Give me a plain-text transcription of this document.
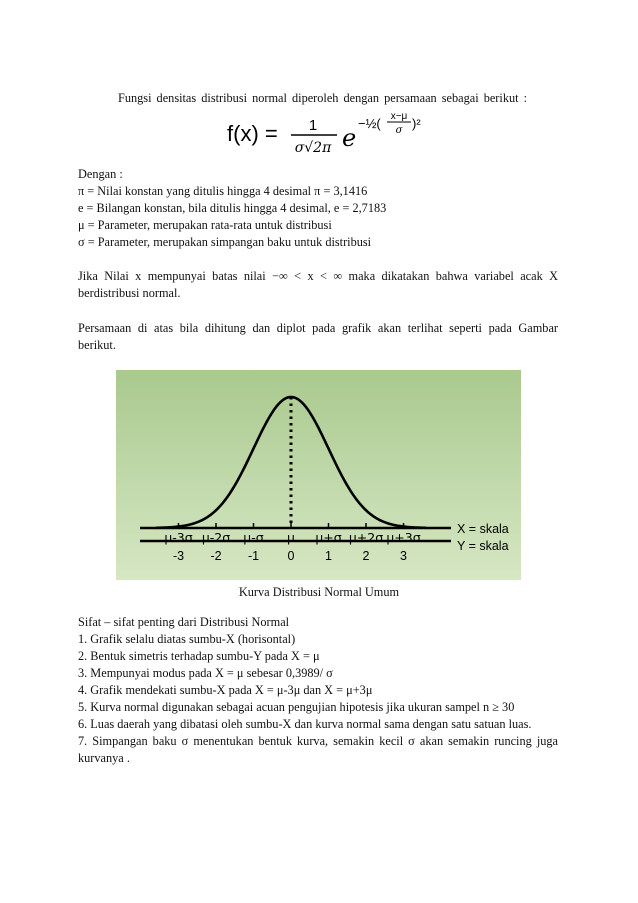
Fungsi densitas distribusi normal diperoleh dengan persamaan sebagai berikut :
f(x) = 1
σ√2π e
−½( x−μ
σ )²
Dengan :
π = Nilai konstan yang ditulis hingga 4 desimal π = 3,1416
e = Bilangan konstan, bila ditulis hingga 4 desimal, e = 2,7183
μ = Parameter, merupakan rata-rata untuk distribusi
σ = Parameter, merupakan simpangan baku untuk distribusi
Jika Nilai x mempunyai batas nilai −∞ < x < ∞ maka dikatakan bahwa variabel acak X
berdistribusi normal.
Persamaan di atas bila dihitung dan diplot pada grafik akan terlihat seperti pada Gambar
berikut.
μ-3σ μ-2σ μ-σ μ μ+σ μ+2σ μ+3σ
-3 -2 -1 0 1 2 3
X = skala
Y = skala
Kurva Distribusi Normal Umum
Sifat – sifat penting dari Distribusi Normal
1. Grafik selalu diatas sumbu-X (horisontal)
2. Bentuk simetris terhadap sumbu-Y pada X = μ
3. Mempunyai modus pada X = μ sebesar 0,3989/ σ
4. Grafik mendekati sumbu-X pada X = μ-3μ dan X = μ+3μ
5. Kurva normal digunakan sebagai acuan pengujian hipotesis jika ukuran sampel n ≥ 30
6. Luas daerah yang dibatasi oleh sumbu-X dan kurva normal sama dengan satu satuan luas.
7. Simpangan baku σ menentukan bentuk kurva, semakin kecil σ akan semakin runcing juga
kurvanya .
